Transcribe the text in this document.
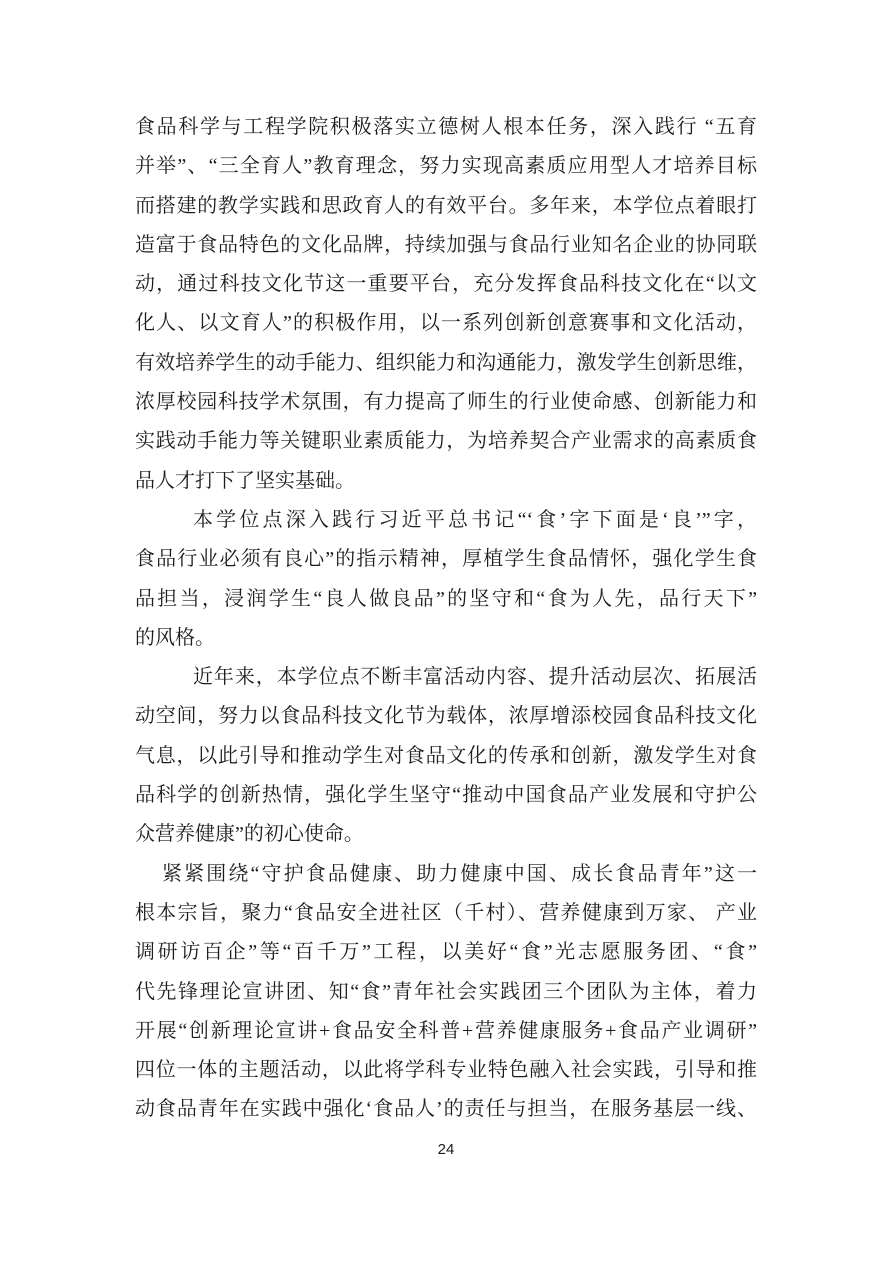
食品科学与工程学院积极落实立德树人根本任务，深入践行 “五育
并举”、“三全育人”教育理念，努力实现高素质应用型人才培养目标
而搭建的教学实践和思政育人的有效平台。多年来，本学位点着眼打
造富于食品特色的文化品牌，持续加强与食品行业知名企业的协同联
动，通过科技文化节这一重要平台，充分发挥食品科技文化在“以文
化人、以文育人”的积极作用，以一系列创新创意赛事和文化活动，
有效培养学生的动手能力、组织能力和沟通能力，激发学生创新思维，
浓厚校园科技学术氛围，有力提高了师生的行业使命感、创新能力和
实践动手能力等关键职业素质能力，为培养契合产业需求的高素质食
品人才打下了坚实基础。
本学位点深入践行习近平总书记“‘食’字下面是‘良’”字，
食品行业必须有良心”的指示精神，厚植学生食品情怀，强化学生食
品担当，浸润学生“良人做良品”的坚守和“食为人先，品行天下”
的风格。
近年来，本学位点不断丰富活动内容、提升活动层次、拓展活
动空间，努力以食品科技文化节为载体，浓厚增添校园食品科技文化
气息，以此引导和推动学生对食品文化的传承和创新，激发学生对食
品科学的创新热情，强化学生坚守“推动中国食品产业发展和守护公
众营养健康”的初心使命。
紧紧围绕“守护食品健康、助力健康中国、成长食品青年”这一
根本宗旨，聚力“食品安全进社区（千村）、营养健康到万家、 产业
调研访百企”等“百千万”工程，以美好“食”光志愿服务团、“食”
代先锋理论宣讲团、知“食”青年社会实践团三个团队为主体，着力
开展“创新理论宣讲+食品安全科普+营养健康服务+食品产业调研”
四位一体的主题活动，以此将学科专业特色融入社会实践，引导和推
动食品青年在实践中强化‘食品人’的责任与担当，在服务基层一线、
24
